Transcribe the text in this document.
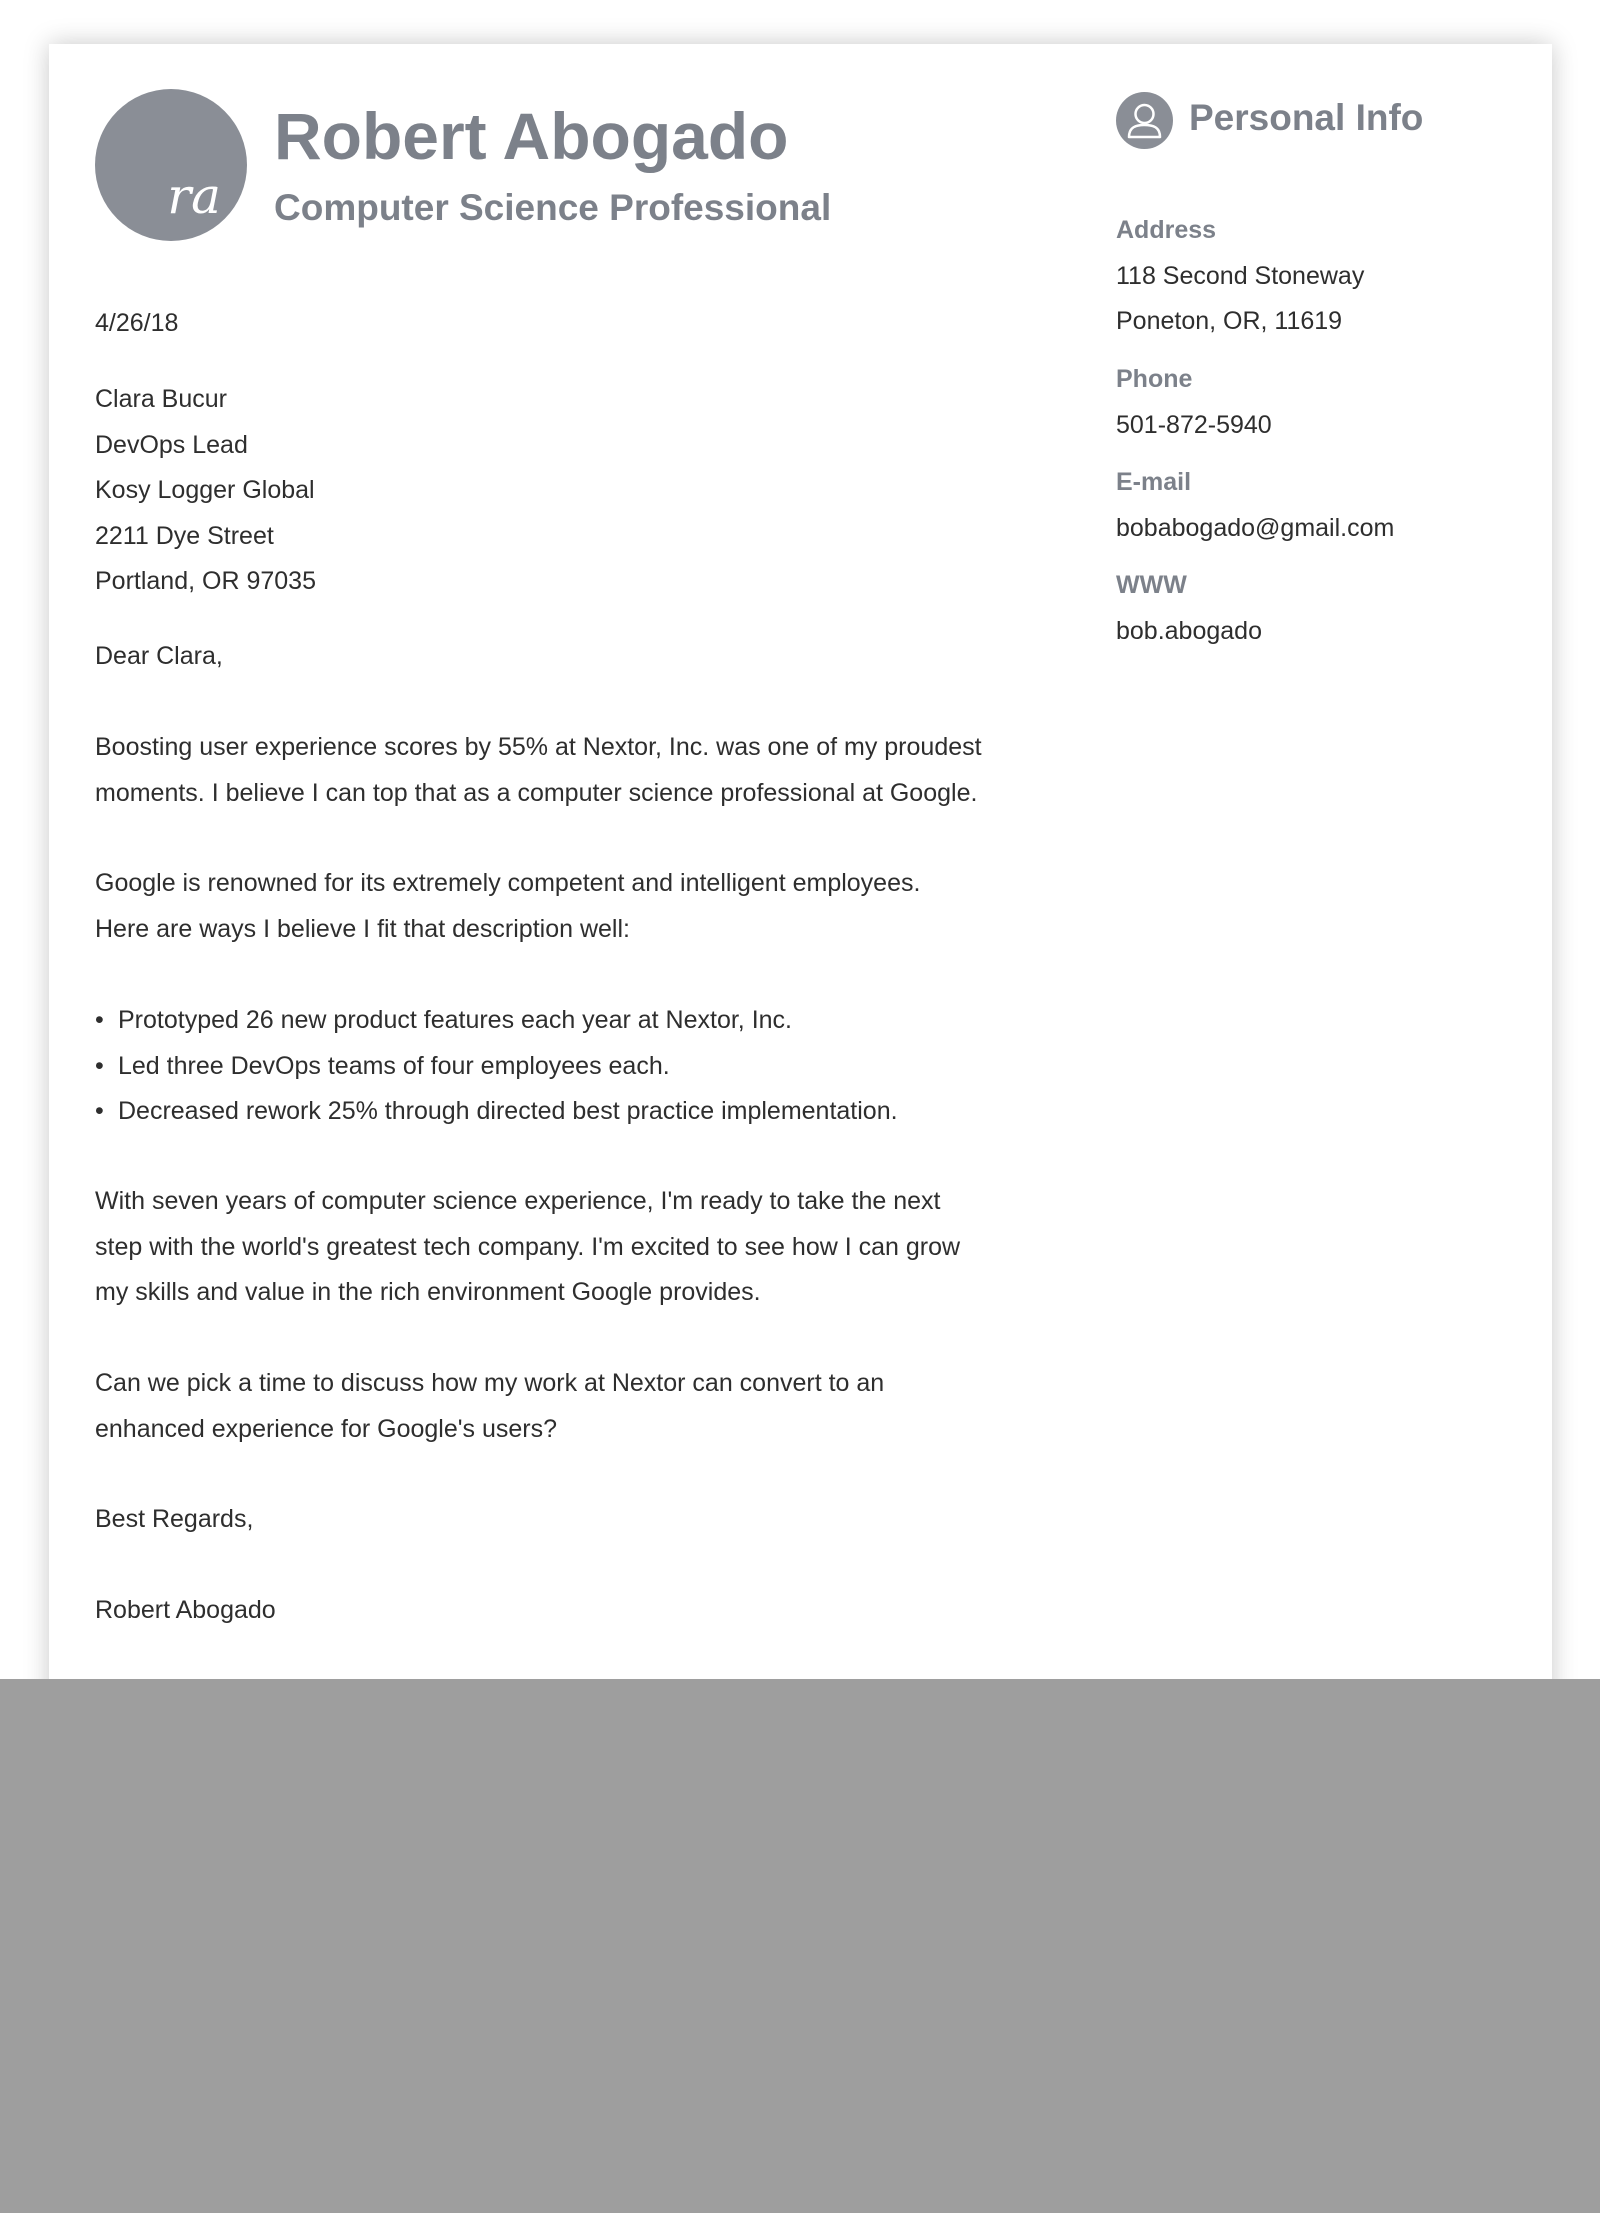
ra
Robert Abogado
Computer Science Professional
4/26/18
Clara Bucur
DevOps Lead
Kosy Logger Global
2211 Dye Street
Portland, OR 97035
Dear Clara,
Boosting user experience scores by 55% at Nextor, Inc. was one of my proudest
moments. I believe I can top that as a computer science professional at Google.
Google is renowned for its extremely competent and intelligent employees.
Here are ways I believe I fit that description well:
• Prototyped 26 new product features each year at Nextor, Inc.
• Led three DevOps teams of four employees each.
• Decreased rework 25% through directed best practice implementation.
With seven years of computer science experience, I'm ready to take the next
step with the world's greatest tech company. I'm excited to see how I can grow
my skills and value in the rich environment Google provides.
Can we pick a time to discuss how my work at Nextor can convert to an
enhanced experience for Google's users?
Best Regards,
Robert Abogado
Personal Info
Address
118 Second Stoneway
Poneton, OR, 11619
Phone
501-872-5940
E-mail
bobabogado@gmail.com
WWW
bob.abogado
